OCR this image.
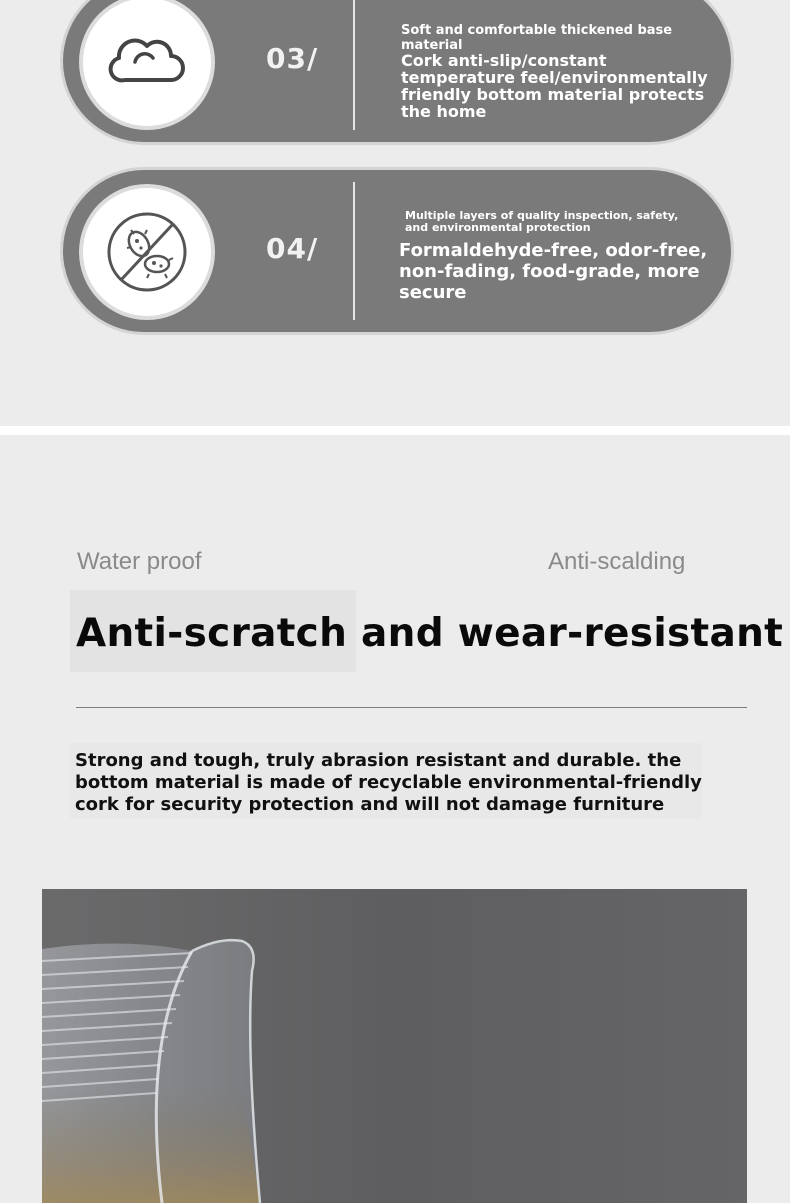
03/
Soft and comfortable thickened base material
Cork anti-slip/constant temperature feel/environmentally friendly bottom material protects the home
04/
Multiple layers of quality inspection, safety, and environmental protection
Formaldehyde-free, odor-free, non-fading, food-grade, more secure
Water proof	Anti-scalding
Anti-scratch and wear-resistant
Strong and tough, truly abrasion resistant and durable. the bottom material is made of recyclable environmental-friendly cork for security protection and will not damage furniture
